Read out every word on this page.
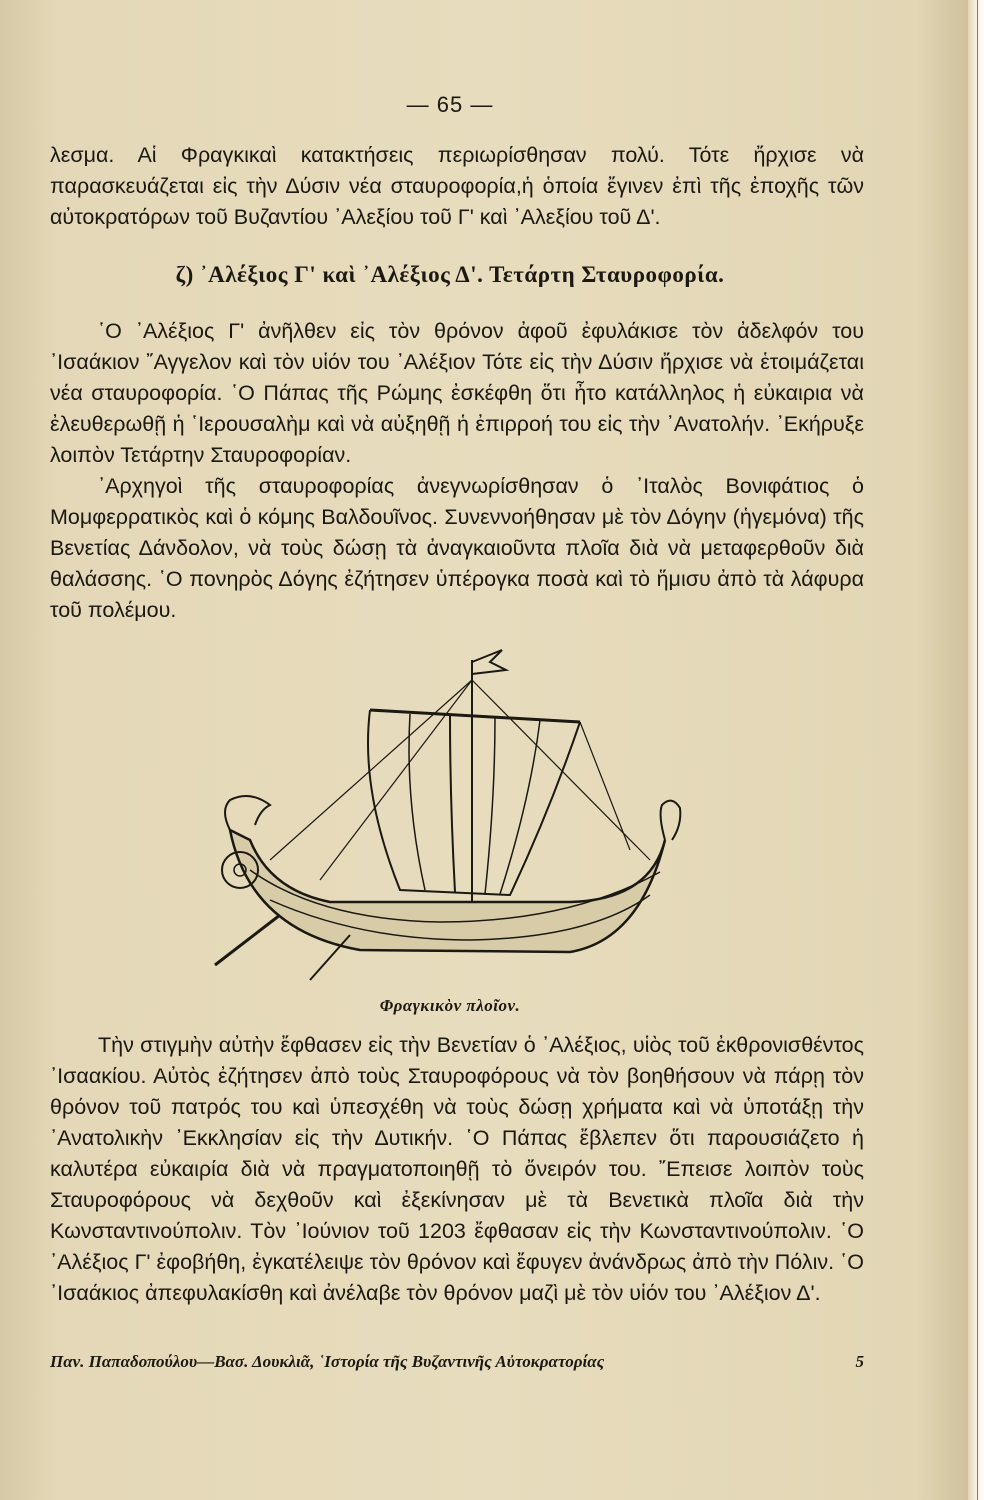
— 65 —

λεσμα. Αἱ Φραγκικαὶ κατακτήσεις περιωρίσθησαν πολύ. Τότε ἤρχισε νὰ παρασκευάζεται εἰς τὴν Δύσιν νέα σταυροφορία,ἡ ὁποία ἔγινεν ἐπὶ τῆς ἐποχῆς τῶν αὐτοκρατόρων τοῦ Βυζαντίου ᾿Αλεξίου τοῦ Γ' καὶ ᾿Αλεξίου τοῦ Δ'.

ζ) ᾿Αλέξιος Γ' καὶ ᾿Αλέξιος Δ'. Τετάρτη Σταυροφορία.

῾Ο ᾿Αλέξιος Γ' ἀνῆλθεν εἰς τὸν θρόνον ἀφοῦ ἐφυλάκισε τὸν ἀδελφόν του ᾿Ισαάκιον ῎Αγγελον καὶ τὸν υἱόν του ᾿Αλέξιον Τότε εἰς τὴν Δύσιν ἤρχισε νὰ ἑτοιμάζεται νέα σταυροφορία. ῾Ο Πάπας τῆς Ρώμης ἐσκέφθη ὅτι ἦτο κατάλληλος ἡ εὐκαιρια νὰ ἐλευθερωθῇ ἡ ῾Ιερουσαλὴμ καὶ νὰ αὐξηθῇ ἡ ἐπιρροή του εἰς τὴν ᾿Ανατολήν. ᾿Εκήρυξε λοιπὸν Τετάρτην Σταυροφορίαν.

᾿Αρχηγοὶ τῆς σταυροφορίας ἀνεγνωρίσθησαν ὁ ᾿Ιταλὸς Βονιφάτιος ὁ Μομφερρατικὸς καὶ ὁ κόμης Βαλδουῖνος. Συνεννοήθησαν μὲ τὸν Δόγην (ἡγεμόνα) τῆς Βενετίας Δάνδολον, νὰ τοὺς δώσῃ τὰ ἀναγκαιοῦντα πλοῖα διὰ νὰ μεταφερθοῦν διὰ θαλάσσης. ῾Ο πονηρὸς Δόγης ἐζήτησεν ὑπέρογκα ποσὰ καὶ τὸ ἥμισυ ἀπὸ τὰ λάφυρα τοῦ πολέμου.

Φραγκικὸν πλοῖον.

Τὴν στιγμὴν αὐτὴν ἔφθασεν εἰς τὴν Βενετίαν ὁ ᾿Αλέξιος, υἱὸς τοῦ ἐκθρονισθέντος ᾿Ισαακίου. Αὐτὸς ἐζήτησεν ἀπὸ τοὺς Σταυροφόρους νὰ τὸν βοηθήσουν νὰ πάρῃ τὸν θρόνον τοῦ πατρός του καὶ ὑπεσχέθη νὰ τοὺς δώσῃ χρήματα καὶ νὰ ὑποτάξῃ τὴν ᾿Ανατολικὴν ᾿Εκκλησίαν εἰς τὴν Δυτικήν. ῾Ο Πάπας ἔβλεπεν ὅτι παρουσιάζετο ἡ καλυτέρα εὐκαιρία διὰ νὰ πραγματοποιηθῇ τὸ ὄνειρόν του. ῎Επεισε λοιπὸν τοὺς Σταυροφόρους νὰ δεχθοῦν καὶ ἐξεκίνησαν μὲ τὰ Βενετικὰ πλοῖα διὰ τὴν Κωνσταντινούπολιν. Τὸν ᾿Ιούνιον τοῦ 1203 ἔφθασαν εἰς τὴν Κωνσταντινούπολιν. ῾Ο ᾿Αλέξιος Γ' ἐφοβήθη, ἐγκατέλειψε τὸν θρόνον καὶ ἔφυγεν ἀνάνδρως ἀπὸ τὴν Πόλιν. ῾Ο ᾿Ισαάκιος ἀπεφυλακίσθη καὶ ἀνέλαβε τὸν θρόνον μαζὶ μὲ τὸν υἱόν του ᾿Αλέξιον Δ'.

Παν. Παπαδοπούλου—Βασ. Δουκλιᾶ, ῾Ιστορία τῆς Βυζαντινῆς Αὐτοκρατορίας	5
